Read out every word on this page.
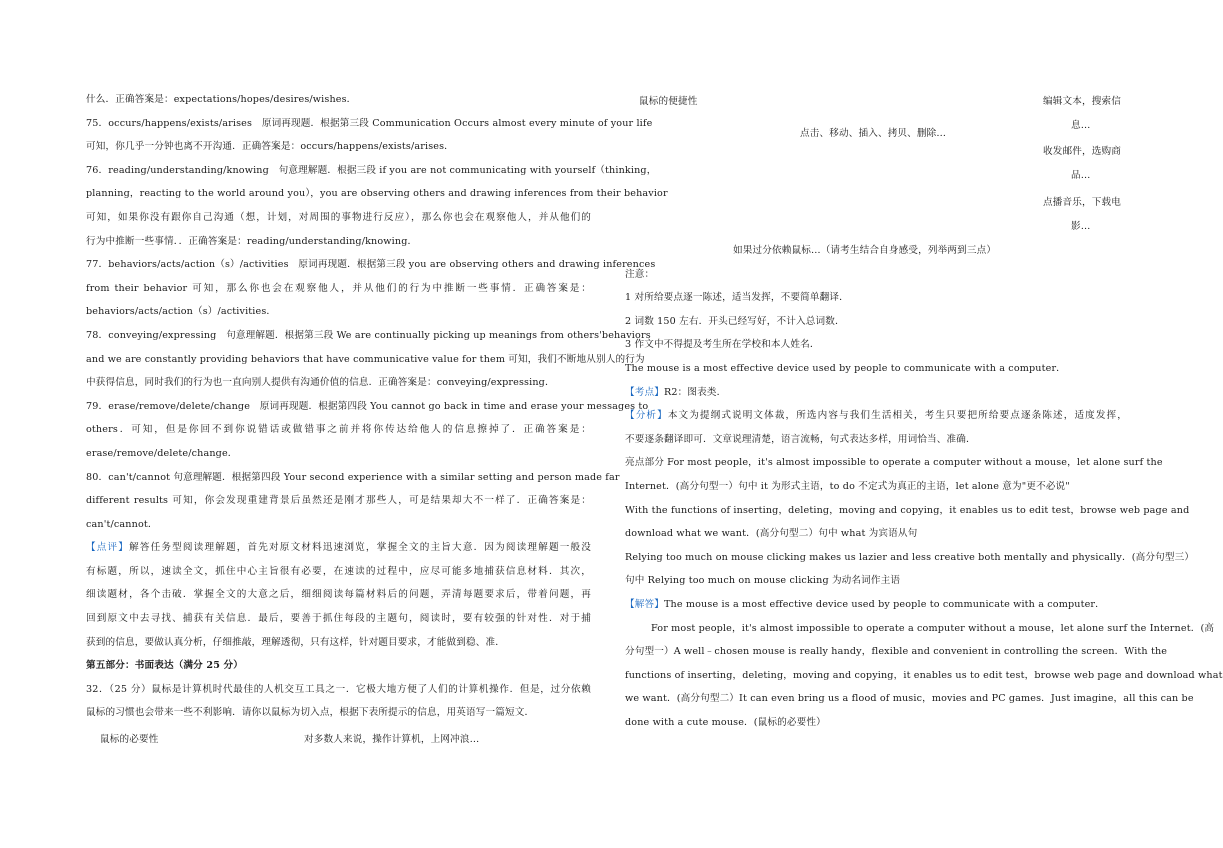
什么．正确答案是：expectations/hopes/desires/wishes．
75．occurs/happens/exists/arises　原词再现题．根据第三段 Communication Occurs almost every minute of your life
可知，你几乎一分钟也离不开沟通．正确答案是：occurs/happens/exists/arises．
76．reading/understanding/knowing　句意理解题．根据三段 if you are not communicating with yourself（thinking，
planning，reacting to the world around you），you are observing others and drawing inferences from their behavior
可知，如果你没有跟你自己沟通（想，计划，对周围的事物进行反应），那么你也会在观察他人，并从他们的
行为中推断一些事情．．正确答案是：reading/understanding/knowing．
77．behaviors/acts/action（s）/activities　原词再现题．根据第三段 you are observing others and drawing inferences
from their behavior 可知，那么你也会在观察他人，并从他们的行为中推断一些事情．正确答案是：
behaviors/acts/action（s）/activities．
78．conveying/expressing　句意理解题．根据第三段 We are continually picking up meanings from others'behaviors
and we are constantly providing behaviors that have communicative value for them 可知，我们不断地从别人的行为
中获得信息，同时我们的行为也一直向别人提供有沟通价值的信息．正确答案是：conveying/expressing．
79．erase/remove/delete/change　原词再现题．根据第四段 You cannot go back in time and erase your messages to
others．可知，但是你回不到你说错话或做错事之前并将你传达给他人的信息擦掉了．正确答案是：
erase/remove/delete/change．
80．can't/cannot 句意理解题．根据第四段 Your second experience with a similar setting and person made far
different results 可知，你会发现重建背景后虽然还是刚才那些人，可是结果却大不一样了．正确答案是：
can't/cannot．
【点评】解答任务型阅读理解题，首先对原文材料迅速浏览，掌握全文的主旨大意．因为阅读理解题一般没
有标题，所以，速读全文，抓住中心主旨很有必要，在速读的过程中，应尽可能多地捕获信息材料．其次，
细读题材，各个击破．掌握全文的大意之后，细细阅读每篇材料后的问题，弄清每题要求后，带着问题，再
回到原文中去寻找、捕获有关信息．最后，要善于抓住每段的主题句，阅读时，要有较强的针对性．对于捕
获到的信息，要做认真分析，仔细推敲，理解透彻，只有这样，针对题目要求，才能做到稳、准．
第五部分：书面表达（满分 25 分）
32．（25 分）鼠标是计算机时代最佳的人机交互工具之一．它极大地方便了人们的计算机操作．但是，过分依赖
鼠标的习惯也会带来一些不利影响．请你以鼠标为切入点，根据下表所提示的信息，用英语写一篇短文．
鼠标的必要性	对多数人来说，操作计算机，上网冲浪…
鼠标的便捷性
点击、移动、插入、拷贝、删除…
编辑文本，搜索信
息…
收发邮件，选购商
品…
点播音乐，下载电
影…
如果过分依赖鼠标…（请考生结合自身感受，列举两到三点）
注意：
1 对所给要点逐一陈述，适当发挥，不要简单翻译．
2 词数 150 左右．开头已经写好，不计入总词数．
3 作文中不得提及考生所在学校和本人姓名．
The mouse is a most effective device used by people to communicate with a computer．
【考点】R2：图表类．
【分析】本文为提纲式说明文体裁，所选内容与我们生活相关，考生只要把所给要点逐条陈述，适度发挥，
不要逐条翻译即可．文章说理清楚，语言流畅，句式表达多样，用词恰当、准确．
亮点部分 For most people，it's almost impossible to operate a computer without a mouse，let alone surf the
Internet．(高分句型一）句中 it 为形式主语，to do 不定式为真正的主语，let alone 意为"更不必说"
With the functions of inserting，deleting，moving and copying，it enables us to edit test，browse web page and
download what we want．(高分句型二）句中 what 为宾语从句
Relying too much on mouse clicking makes us lazier and less creative both mentally and physically．(高分句型三）
句中 Relying too much on mouse clicking 为动名词作主语
【解答】The mouse is a most effective device used by people to communicate with a computer．
For most people，it's almost impossible to operate a computer without a mouse，let alone surf the Internet．(高
分句型一）A well﹣chosen mouse is really handy，flexible and convenient in controlling the screen．With the
functions of inserting，deleting，moving and copying，it enables us to edit test，browse web page and download what
we want．(高分句型二）It can even bring us a flood of music，movies and PC games．Just imagine，all this can be
done with a cute mouse．(鼠标的必要性）
